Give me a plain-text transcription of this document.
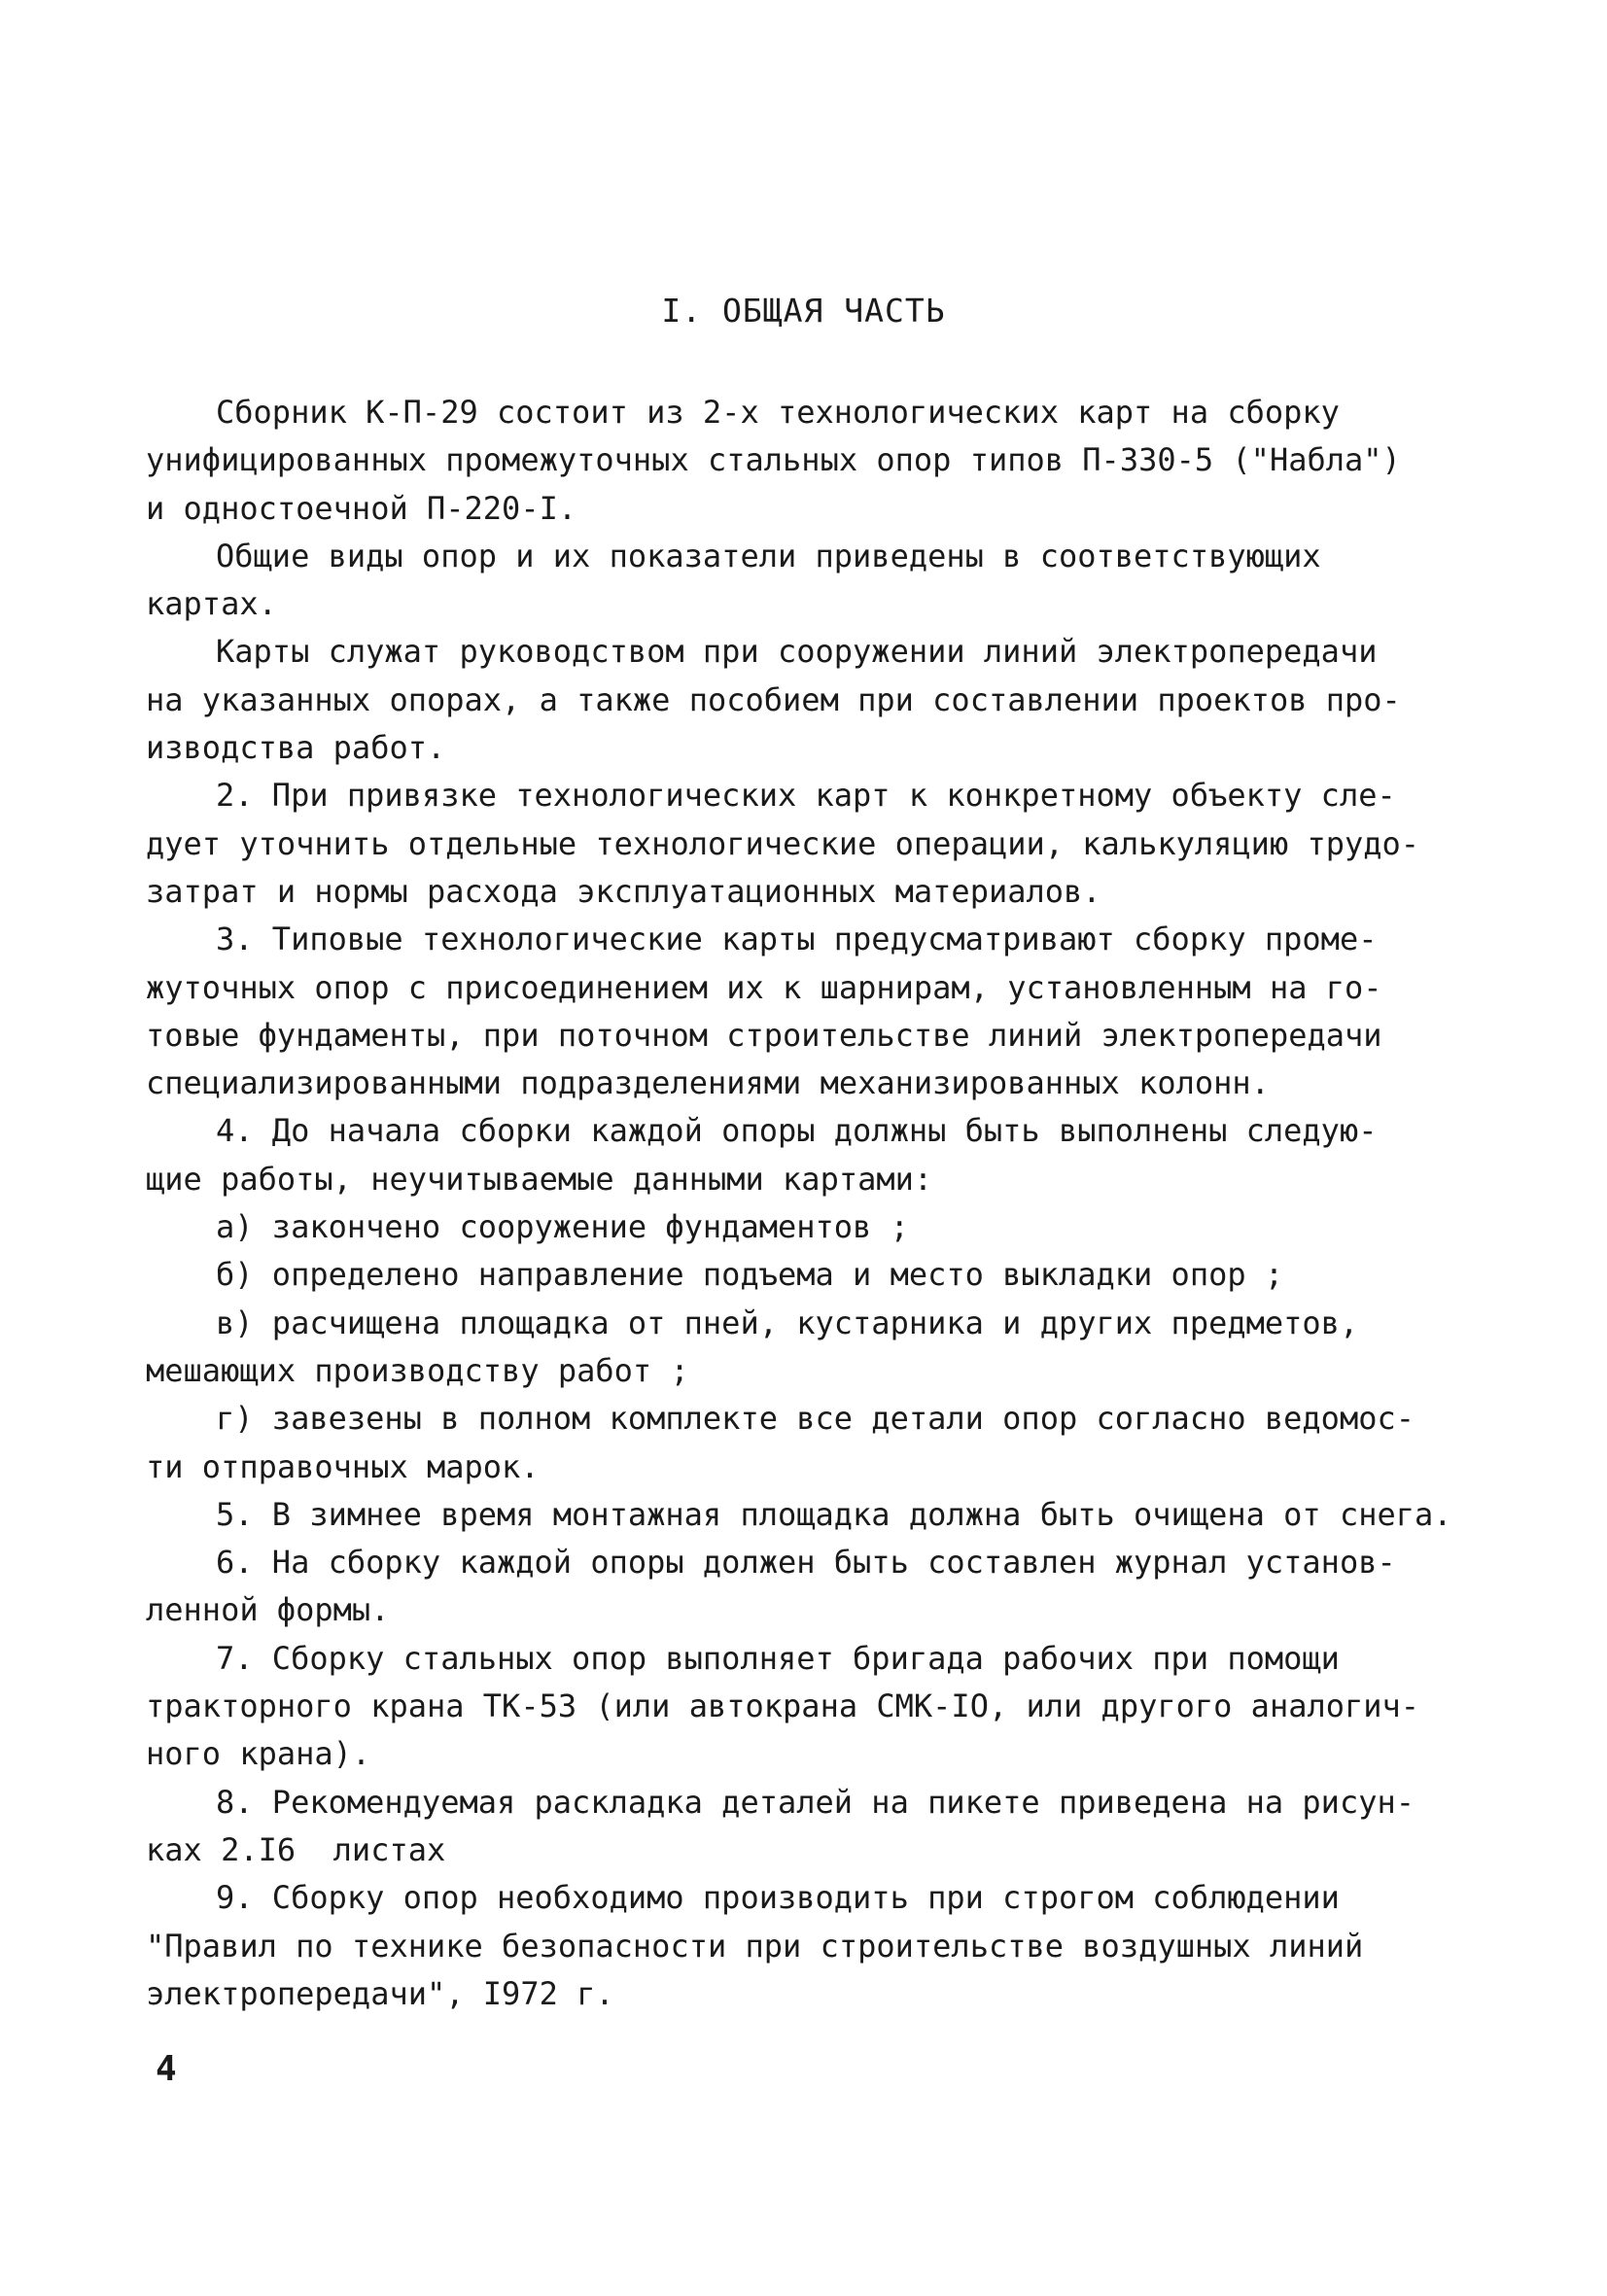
I. ОБЩАЯ ЧАСТЬ
Сборник К-П-29 состоит из 2-х технологических карт на сборку
унифицированных промежуточных стальных опор типов П-330-5 ("Набла")
и одностоечной П-220-I.
Общие виды опор и их показатели приведены в соответствующих
картах.
Карты служат руководством при сооружении линий электропередачи
на указанных опорах, а также пособием при составлении проектов про-
изводства работ.
2. При привязке технологических карт к конкретному объекту сле-
дует уточнить отдельные технологические операции, калькуляцию трудо-
затрат и нормы расхода эксплуатационных материалов.
3. Типовые технологические карты предусматривают сборку проме-
жуточных опор с присоединением их к шарнирам, установленным на го-
товые фундаменты, при поточном строительстве линий электропередачи
специализированными подразделениями механизированных колонн.
4. До начала сборки каждой опоры должны быть выполнены следую-
щие работы, неучитываемые данными картами:
а) закончено сооружение фундаментов ;
б) определено направление подъема и место выкладки опор ;
в) расчищена площадка от пней, кустарника и других предметов,
мешающих производству работ ;
г) завезены в полном комплекте все детали опор согласно ведомос-
ти отправочных марок.
5. В зимнее время монтажная площадка должна быть очищена от снега.
6. На сборку каждой опоры должен быть составлен журнал установ-
ленной формы.
7. Сборку стальных опор выполняет бригада рабочих при помощи
тракторного крана ТК-53 (или автокрана СМК-IO, или другого аналогич-
ного крана).
8. Рекомендуемая раскладка деталей на пикете приведена на рисун-
ках 2.I6  листах
9. Сборку опор необходимо производить при строгом соблюдении
"Правил по технике безопасности при строительстве воздушных линий
электропередачи", I972 г.
4
